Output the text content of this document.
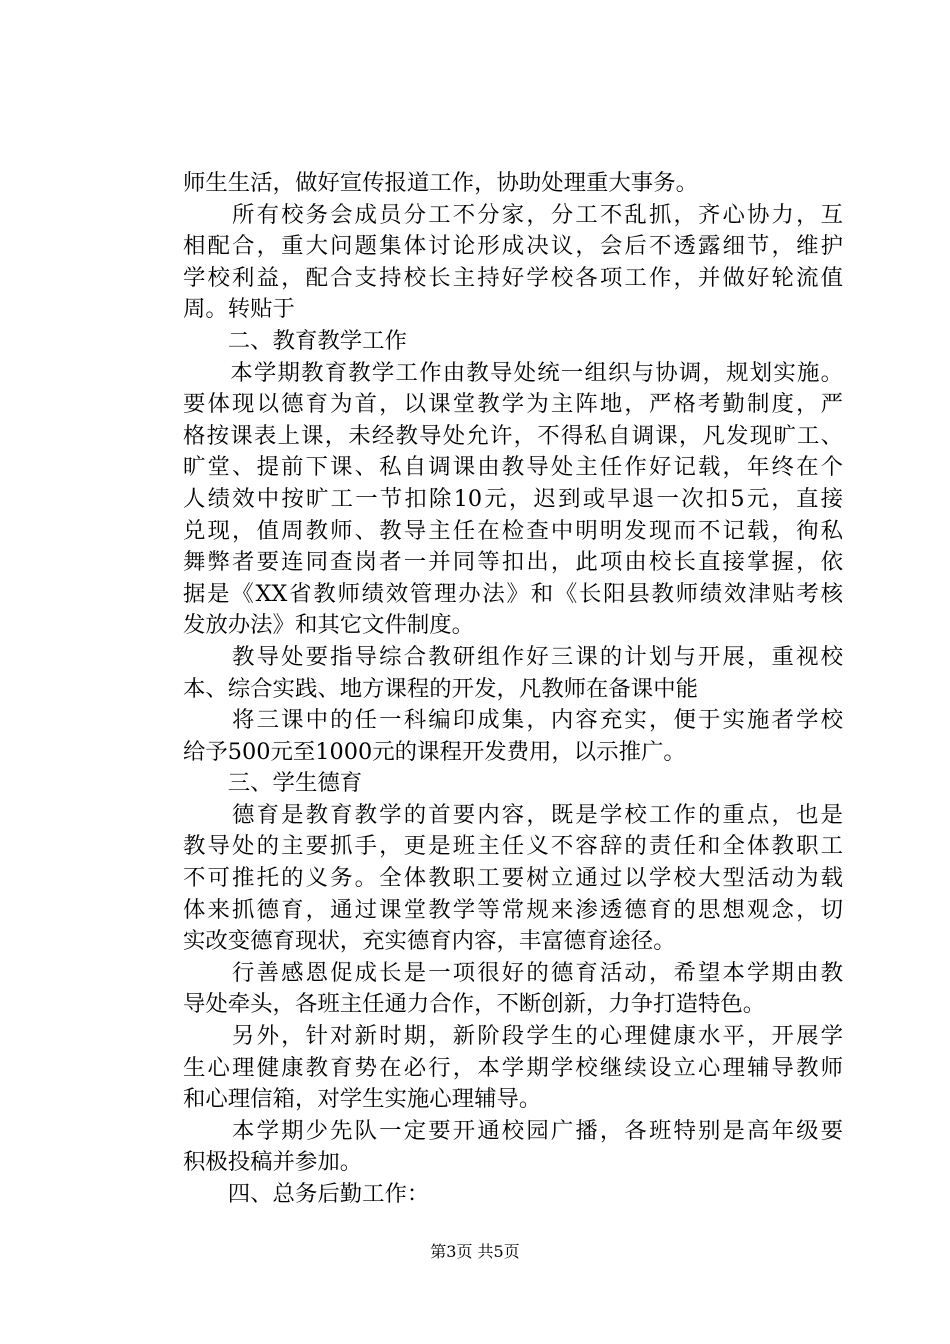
师生生活，做好宣传报道工作，协助处理重大事务。
　　所有校务会成员分工不分家，分工不乱抓，齐心协力，互
相配合，重大问题集体讨论形成决议，会后不透露细节，维护
学校利益，配合支持校长主持好学校各项工作，并做好轮流值
周。转贴于
　　二、教育教学工作
　　本学期教育教学工作由教导处统一组织与协调，规划实施。
要体现以德育为首，以课堂教学为主阵地，严格考勤制度，严
格按课表上课，未经教导处允许，不得私自调课，凡发现旷工、
旷堂、提前下课、私自调课由教导处主任作好记载，年终在个
人绩效中按旷工一节扣除10元，迟到或早退一次扣5元，直接
兑现，值周教师、教导主任在检查中明明发现而不记载，徇私
舞弊者要连同查岗者一并同等扣出，此项由校长直接掌握，依
据是《XX省教师绩效管理办法》和《长阳县教师绩效津贴考核
发放办法》和其它文件制度。
　　教导处要指导综合教研组作好三课的计划与开展，重视校
本、综合实践、地方课程的开发，凡教师在备课中能
　　将三课中的任一科编印成集，内容充实，便于实施者学校
给予500元至1000元的课程开发费用，以示推广。
　　三、学生德育
　　德育是教育教学的首要内容，既是学校工作的重点，也是
教导处的主要抓手，更是班主任义不容辞的责任和全体教职工
不可推托的义务。全体教职工要树立通过以学校大型活动为载
体来抓德育，通过课堂教学等常规来渗透德育的思想观念，切
实改变德育现状，充实德育内容，丰富德育途径。
　　行善感恩促成长是一项很好的德育活动，希望本学期由教
导处牵头，各班主任通力合作，不断创新，力争打造特色。
　　另外，针对新时期，新阶段学生的心理健康水平，开展学
生心理健康教育势在必行，本学期学校继续设立心理辅导教师
和心理信箱，对学生实施心理辅导。
　　本学期少先队一定要开通校园广播，各班特别是高年级要
积极投稿并参加。
　　四、总务后勤工作：
第3页 共5页
